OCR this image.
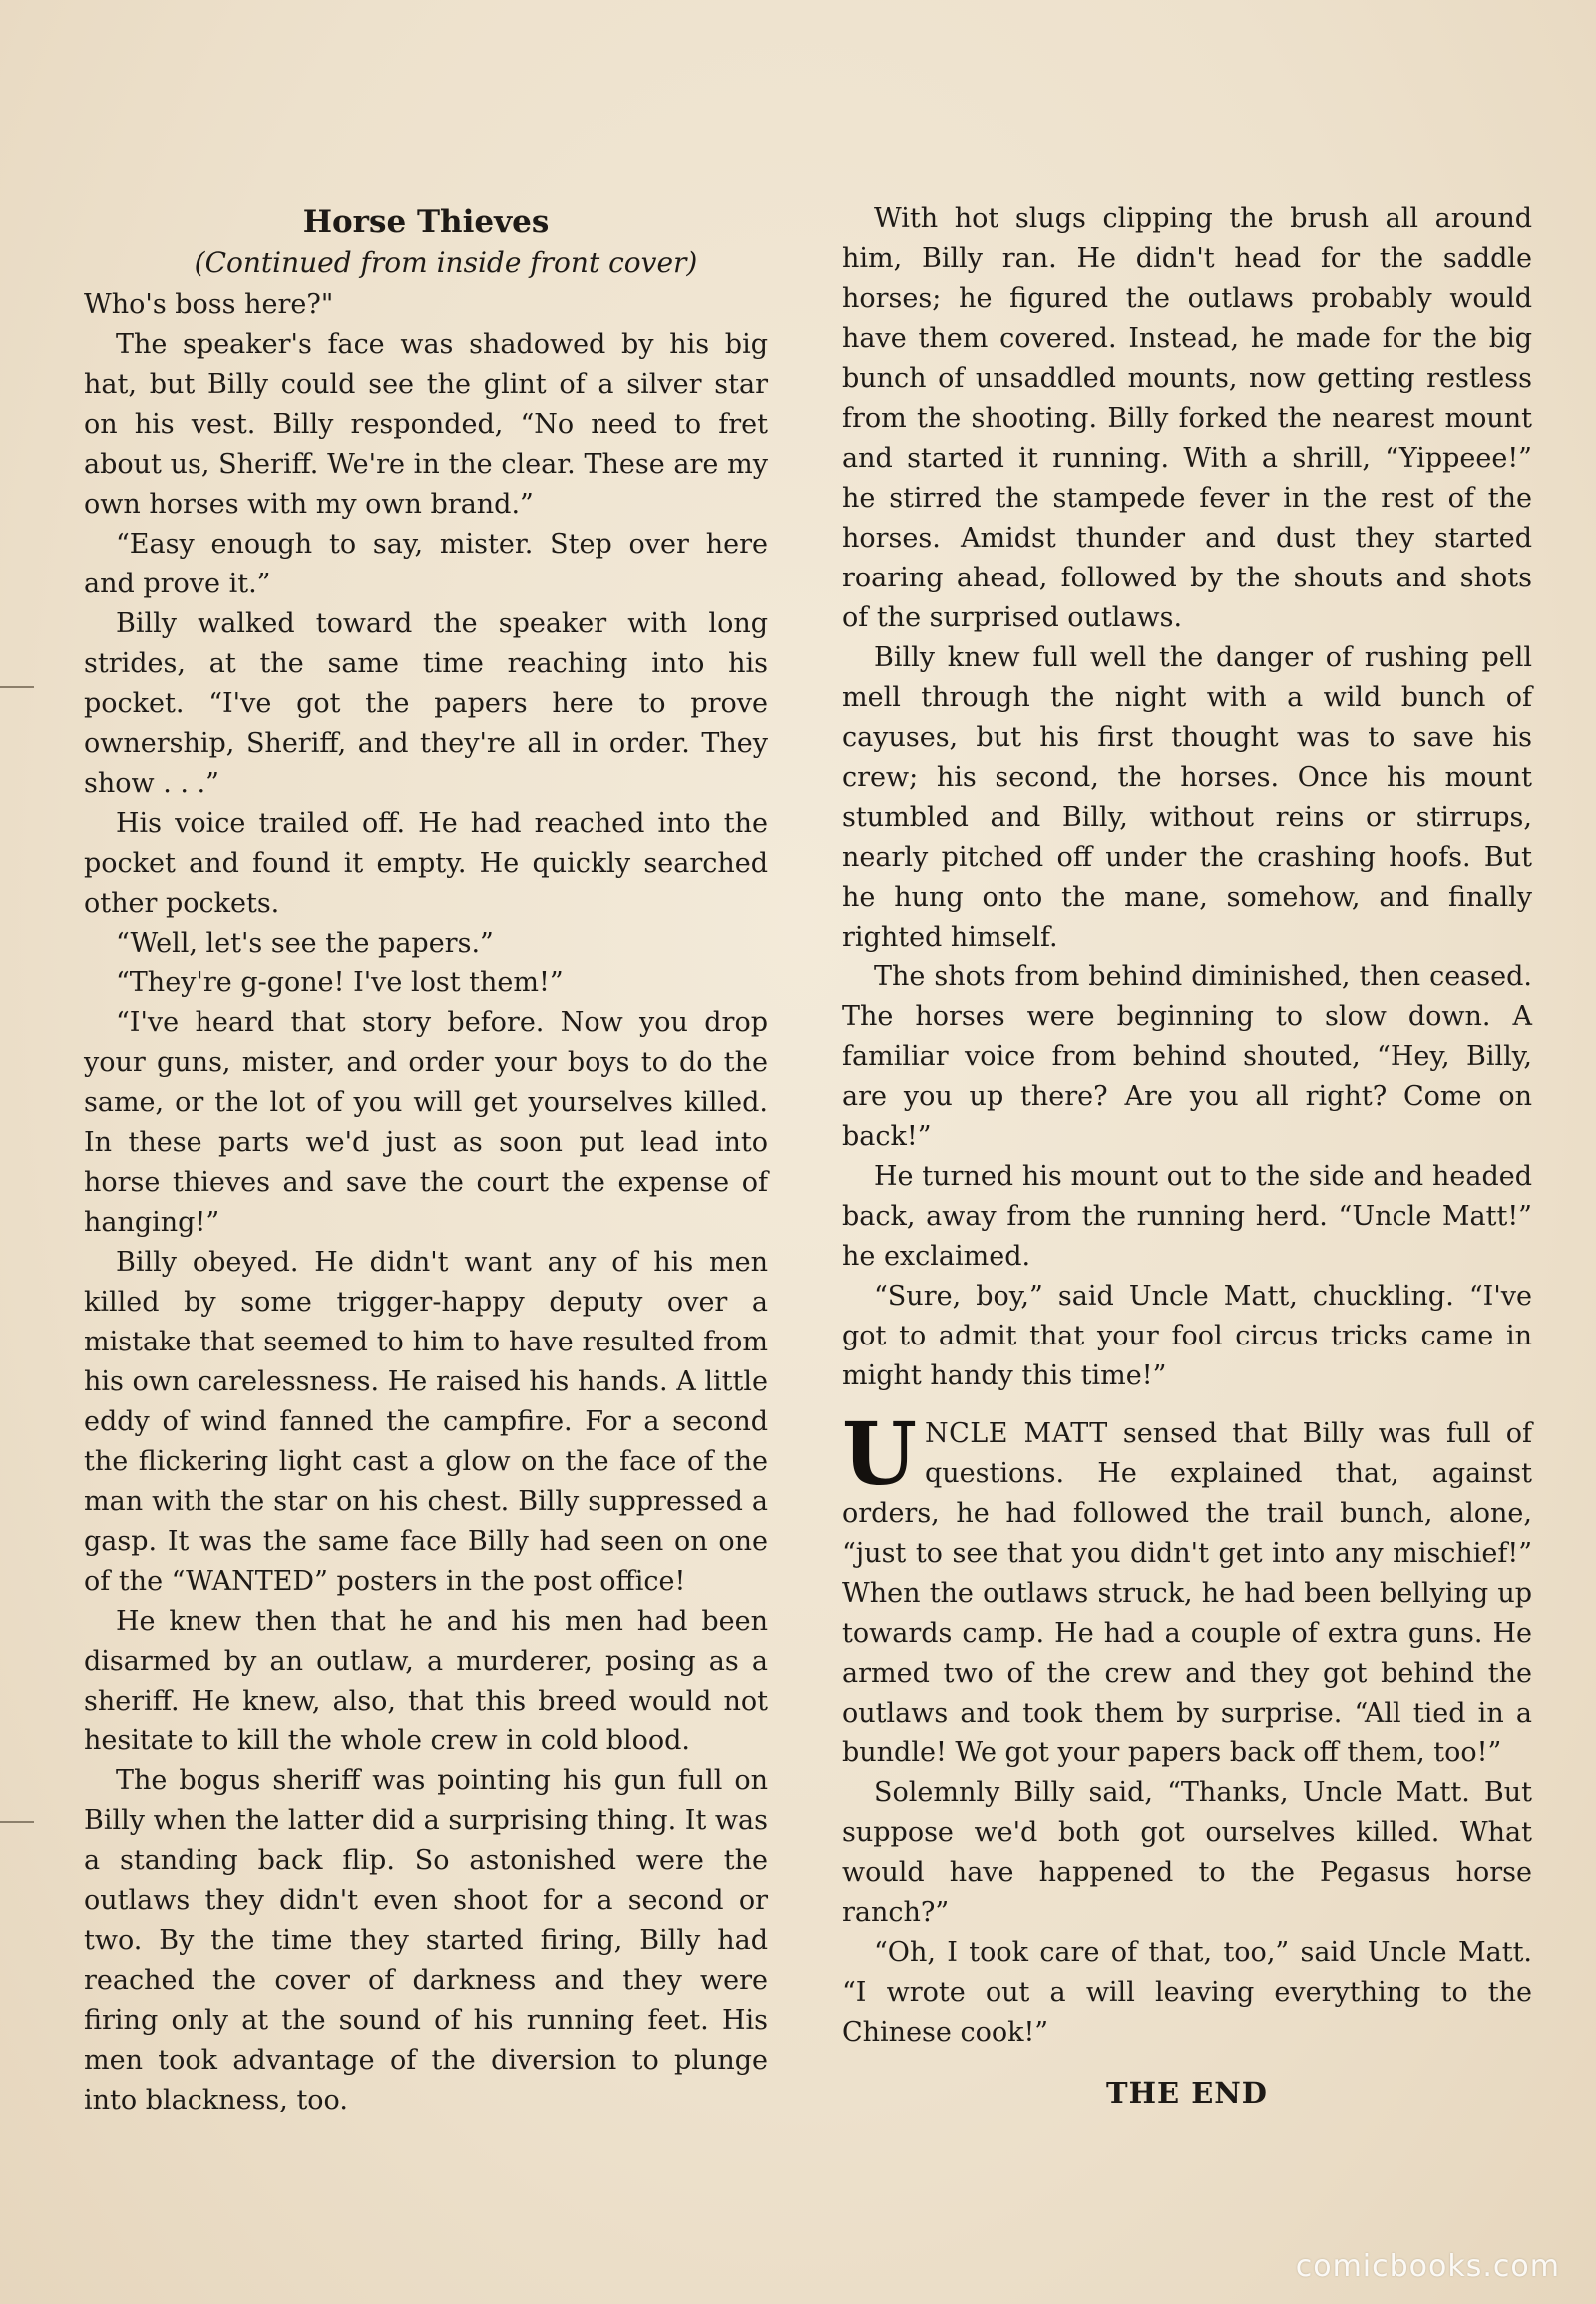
Horse Thieves
(Continued from inside front cover)

Who's boss here?"

The speaker's face was shadowed by his big hat, but Billy could see the glint of a silver star on his vest. Billy responded, “No need to fret about us, Sheriff. We're in the clear. These are my own horses with my own brand.”

“Easy enough to say, mister. Step over here and prove it.”

Billy walked toward the speaker with long strides, at the same time reaching into his pocket. “I've got the papers here to prove ownership, Sheriff, and they're all in order. They show . . .”

His voice trailed off. He had reached into the pocket and found it empty. He quickly searched other pockets.

“Well, let's see the papers.”

“They're g-gone! I've lost them!”

“I've heard that story before. Now you drop your guns, mister, and order your boys to do the same, or the lot of you will get yourselves killed. In these parts we'd just as soon put lead into horse thieves and save the court the expense of hanging!”

Billy obeyed. He didn't want any of his men killed by some trigger-happy deputy over a mistake that seemed to him to have resulted from his own carelessness. He raised his hands. A little eddy of wind fanned the campfire. For a second the flickering light cast a glow on the face of the man with the star on his chest. Billy suppressed a gasp. It was the same face Billy had seen on one of the “WANTED” posters in the post office!

He knew then that he and his men had been disarmed by an outlaw, a murderer, posing as a sheriff. He knew, also, that this breed would not hesitate to kill the whole crew in cold blood.

The bogus sheriff was pointing his gun full on Billy when the latter did a surprising thing. It was a standing back flip. So astonished were the outlaws they didn't even shoot for a second or two. By the time they started firing, Billy had reached the cover of darkness and they were firing only at the sound of his running feet. His men took advantage of the diversion to plunge into blackness, too.

With hot slugs clipping the brush all around him, Billy ran. He didn't head for the saddle horses; he figured the outlaws probably would have them covered. Instead, he made for the big bunch of unsaddled mounts, now getting restless from the shooting. Billy forked the nearest mount and started it running. With a shrill, “Yippeee!” he stirred the stampede fever in the rest of the horses. Amidst thunder and dust they started roaring ahead, followed by the shouts and shots of the surprised outlaws.

Billy knew full well the danger of rushing pell mell through the night with a wild bunch of cayuses, but his first thought was to save his crew; his second, the horses. Once his mount stumbled and Billy, without reins or stirrups, nearly pitched off under the crashing hoofs. But he hung onto the mane, somehow, and finally righted himself.

The shots from behind diminished, then ceased. The horses were beginning to slow down. A familiar voice from behind shouted, “Hey, Billy, are you up there? Are you all right? Come on back!”

He turned his mount out to the side and headed back, away from the running herd. “Uncle Matt!” he exclaimed.

“Sure, boy,” said Uncle Matt, chuckling. “I've got to admit that your fool circus tricks came in might handy this time!”

UNCLE MATT sensed that Billy was full of questions. He explained that, against orders, he had followed the trail bunch, alone, “just to see that you didn't get into any mischief!” When the outlaws struck, he had been bellying up towards camp. He had a couple of extra guns. He armed two of the crew and they got behind the outlaws and took them by surprise. “All tied in a bundle! We got your papers back off them, too!”

Solemnly Billy said, “Thanks, Uncle Matt. But suppose we'd both got ourselves killed. What would have happened to the Pegasus horse ranch?”

“Oh, I took care of that, too,” said Uncle Matt. “I wrote out a will leaving everything to the Chinese cook!”

THE END
comicbooks.com
